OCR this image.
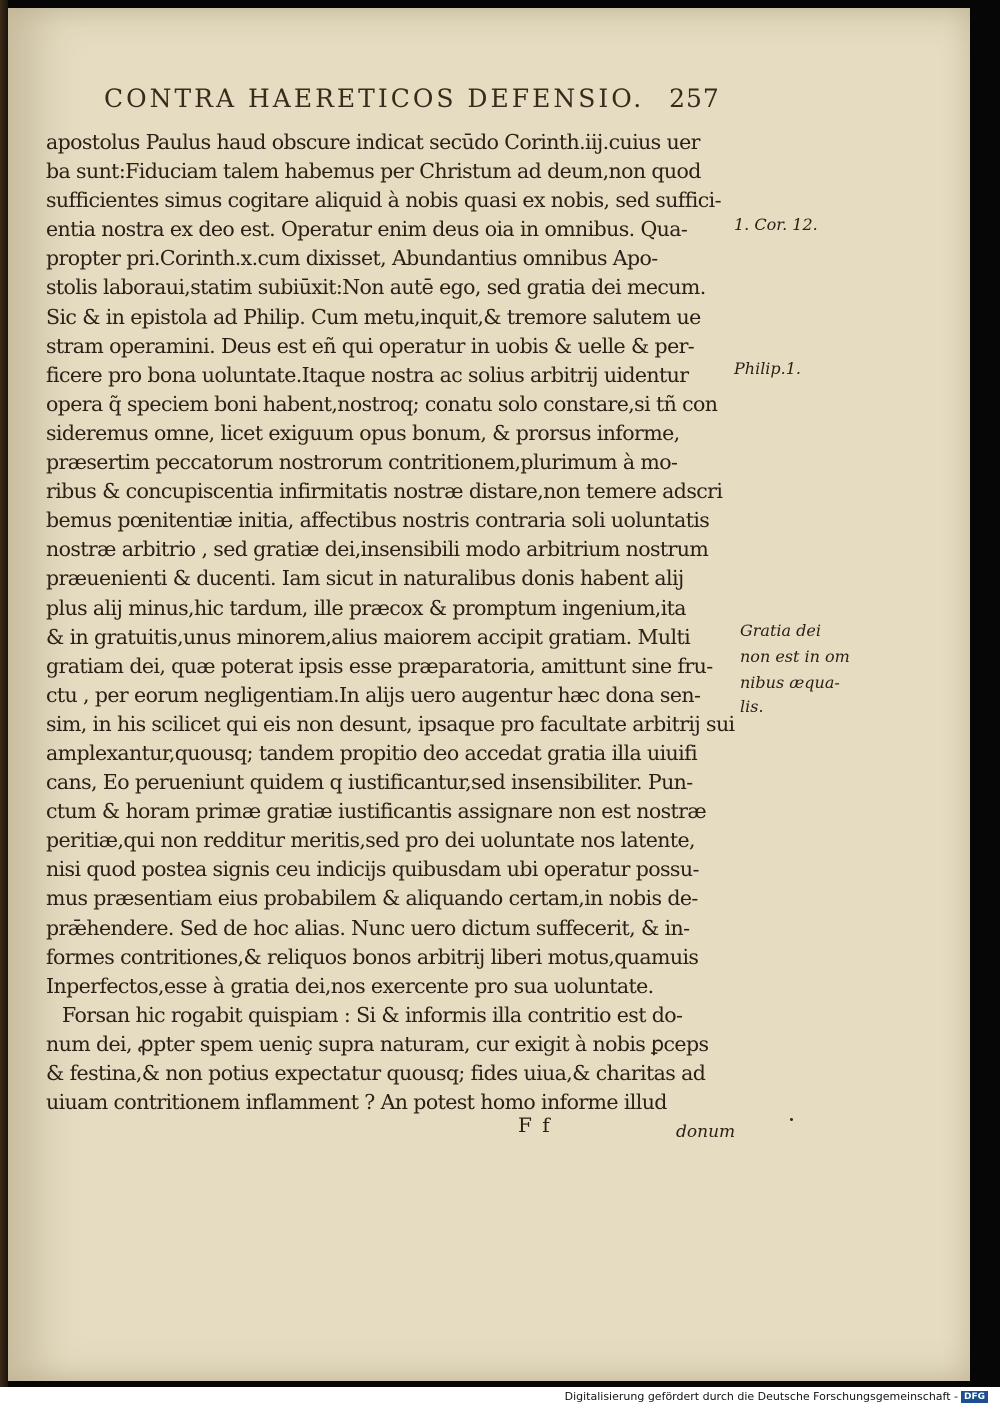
CONTRA HAERETICOS DEFENSIO. 257
apostolus Paulus haud obscure indicat secūdo Corinth.iij.cuius uer
ba sunt:Fiduciam talem habemus per Christum ad deum,non quod
sufficientes simus cogitare aliquid à nobis quasi ex nobis, sed suffici-
entia nostra ex deo est. Operatur enim deus oia in omnibus. Qua-
propter pri.Corinth.x.cum dixisset, Abundantius omnibus Apo-
stolis laboraui,statim subiūxit:Non autē ego, sed gratia dei mecum.
Sic & in epistola ad Philip. Cum metu,inquit,& tremore salutem ue
stram operamini. Deus est eñ qui operatur in uobis & uelle & per-
ficere pro bona uoluntate.Itaque nostra ac solius arbitrij uidentur
opera q̃ speciem boni habent,nostroq; conatu solo constare,si tñ con
sideremus omne, licet exiguum opus bonum, & prorsus informe,
præsertim peccatorum nostrorum contritionem,plurimum à mo-
ribus & concupiscentia infirmitatis nostræ distare,non temere adscri
bemus pœnitentiæ initia, affectibus nostris contraria soli uoluntatis
nostræ arbitrio , sed gratiæ dei,insensibili modo arbitrium nostrum
præuenienti & ducenti. Iam sicut in naturalibus donis habent alij
plus alij minus,hic tardum, ille præcox & promptum ingenium,ita
& in gratuitis,unus minorem,alius maiorem accipit gratiam. Multi
gratiam dei, quæ poterat ipsis esse præparatoria, amittunt sine fru-
ctu , per eorum negligentiam.In alijs uero augentur hæc dona sen-
sim, in his scilicet qui eis non desunt, ipsaque pro facultate arbitrij sui
amplexantur,quousq; tandem propitio deo accedat gratia illa uiuifi
cans, Eo perueniunt quidem q iustificantur,sed insensibiliter. Pun-
ctum & horam primæ gratiæ iustificantis assignare non est nostræ
peritiæ,qui non redditur meritis,sed pro dei uoluntate nos latente,
nisi quod postea signis ceu indicijs quibusdam ubi operatur possu-
mus præsentiam eius probabilem & aliquando certam,in nobis de-
prǣhendere. Sed de hoc alias. Nunc uero dictum suffecerit, & in-
formes contritiones,& reliquos bonos arbitrij liberi motus,quamuis
Inperfectos,esse à gratia dei,nos exercente pro sua uoluntate.
Forsan hic rogabit quispiam : Si & informis illa contritio est do-
num dei, ꝓpter spem ueniç supra naturam, cur exigit à nobis ꝑceps
& festina,& non potius expectatur quousq; fides uiua,& charitas ad
uiuam contritionem inflamment ? An potest homo informe illud
1. Cor. 12.
Philip.1.
Gratia dei
non est in om
nibus æqua-
lis.
F f	donum
Digitalisierung gefördert durch die Deutsche Forschungsgemeinschaft - DFG
